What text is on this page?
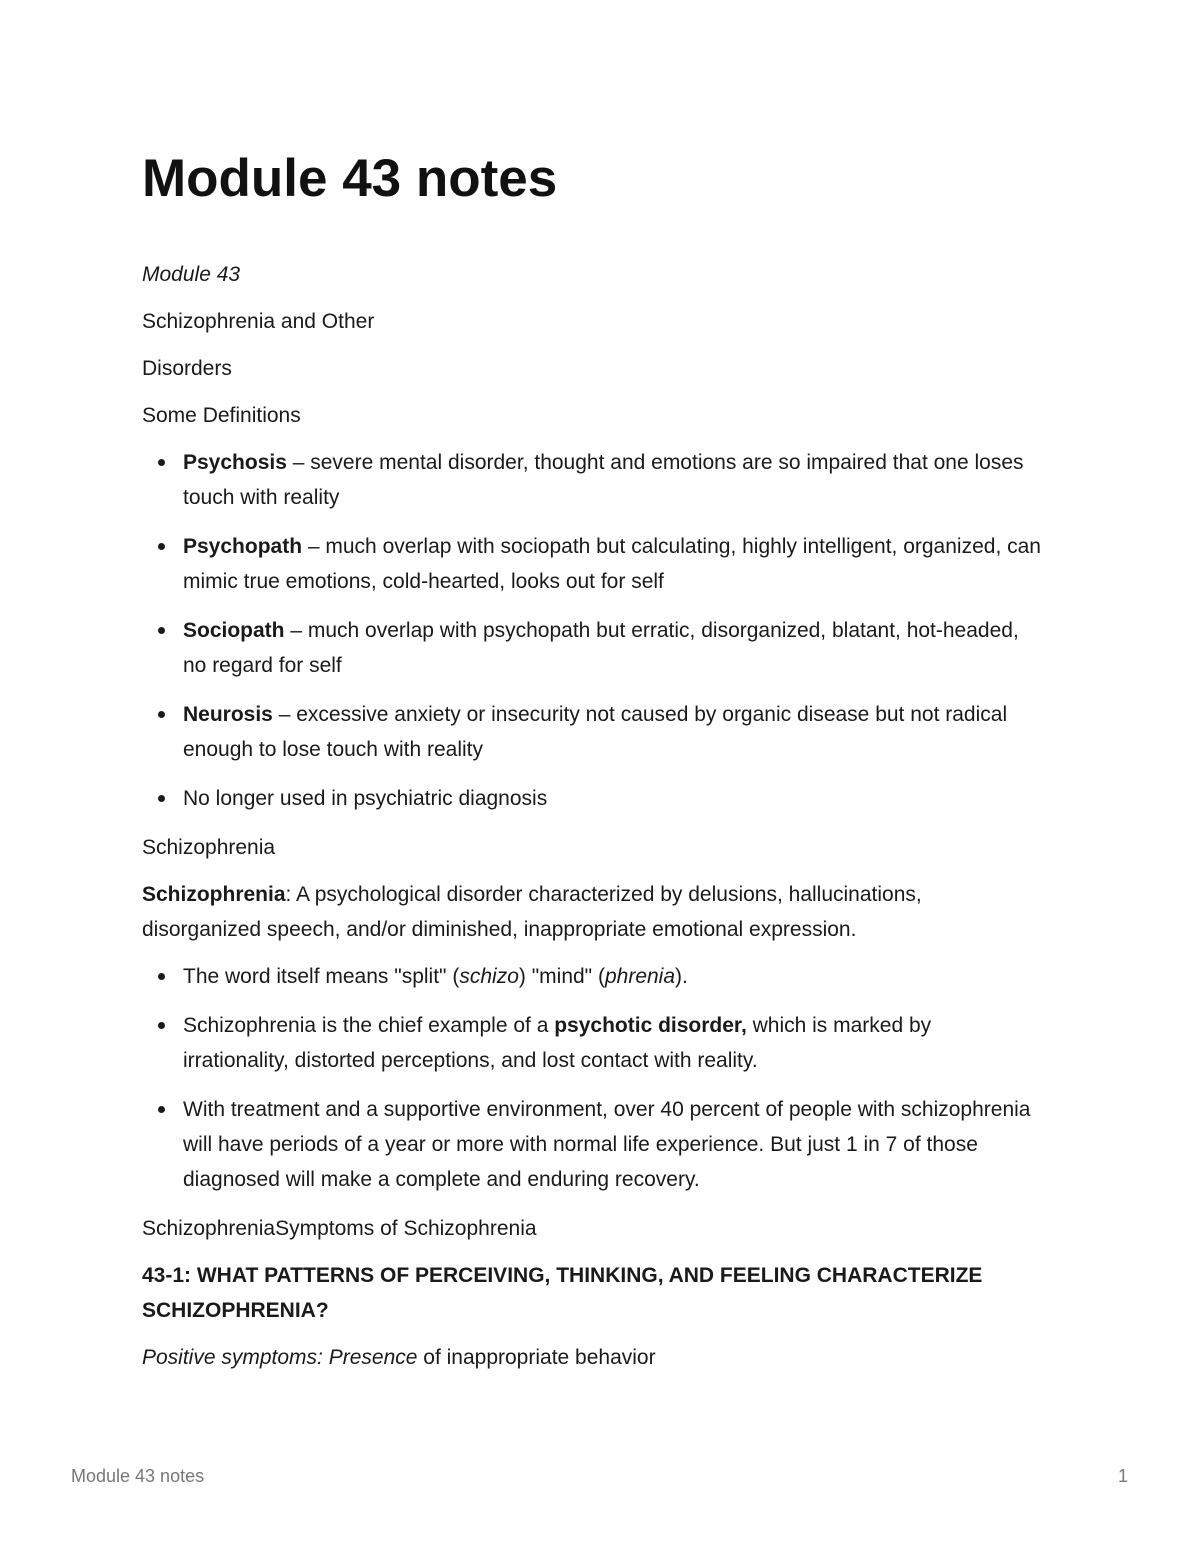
Module 43 notes

Module 43

Schizophrenia and Other

Disorders

Some Definitions

Psychosis – severe mental disorder, thought and emotions are so impaired that one loses touch with reality
Psychopath – much overlap with sociopath but calculating, highly intelligent, organized, can mimic true emotions, cold-hearted, looks out for self
Sociopath – much overlap with psychopath but erratic, disorganized, blatant, hot-headed, no regard for self
Neurosis – excessive anxiety or insecurity not caused by organic disease but not radical enough to lose touch with reality
No longer used in psychiatric diagnosis

Schizophrenia

Schizophrenia: A psychological disorder characterized by delusions, hallucinations, disorganized speech, and/or diminished, inappropriate emotional expression.

The word itself means "split" (schizo) "mind" (phrenia).
Schizophrenia is the chief example of a psychotic disorder, which is marked by irrationality, distorted perceptions, and lost contact with reality.
With treatment and a supportive environment, over 40 percent of people with schizophrenia will have periods of a year or more with normal life experience. But just 1 in 7 of those diagnosed will make a complete and enduring recovery.

SchizophreniaSymptoms of Schizophrenia

43-1: WHAT PATTERNS OF PERCEIVING, THINKING, AND FEELING CHARACTERIZE SCHIZOPHRENIA?

Positive symptoms: Presence of inappropriate behavior

Module 43 notes	1
